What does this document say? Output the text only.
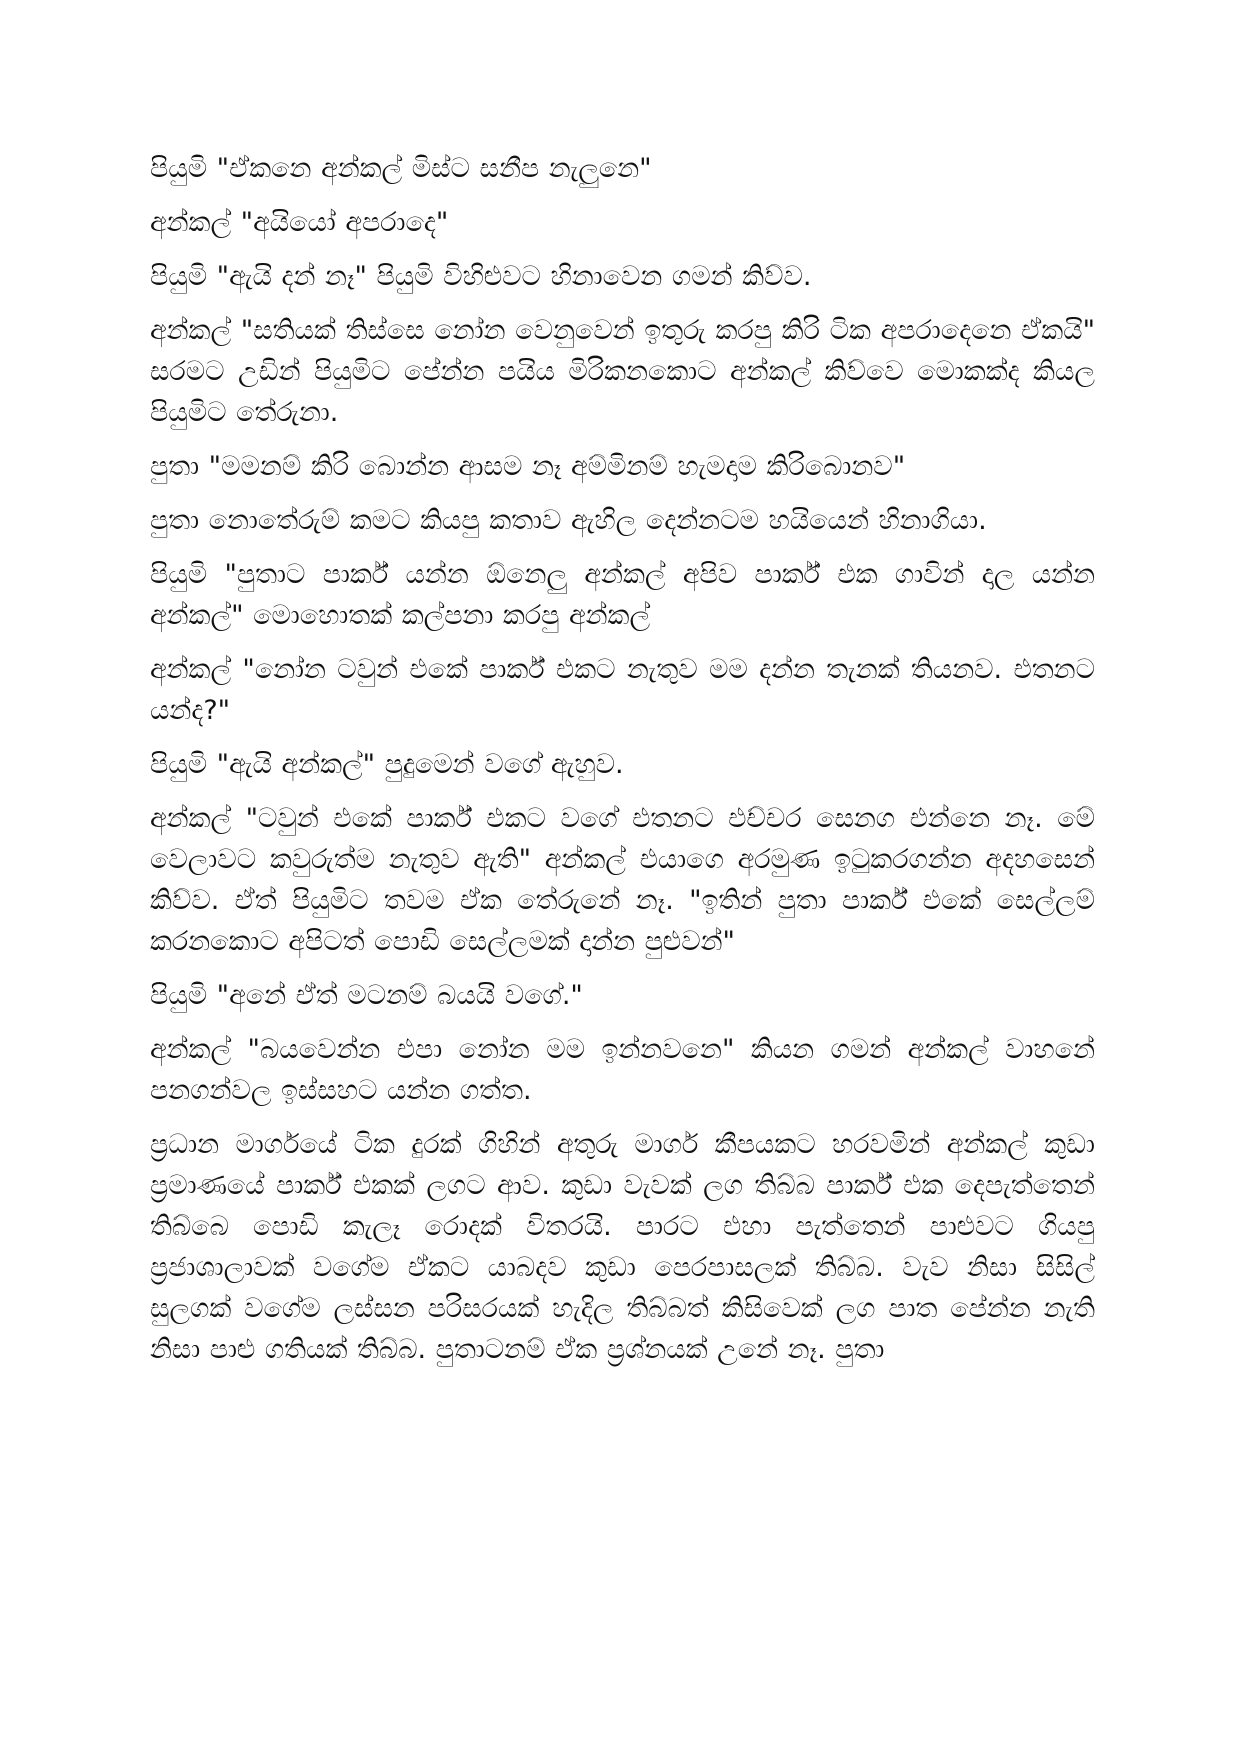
පියුමි "ඒකනෙ අන්කල් මිස්ට සනීප නැලුනෙ"

අන්කල් "අයියෝ අපරාදෙ"

පියුමි "ඇයි දන් නෑ" පියුමි විහිළුවට හිනාවෙන ගමන් කිව්ව.

අන්කල් "සතියක් තිස්සෙ නෝන වෙනුවෙන් ඉතුරු කරපු කිරි ටික අපරාදෙනෙ ඒකයි" සරමට උඩින් පියුමිට පේන්න පයිය මිරිකනකොට අන්කල් කිව්වෙ මොකක්ද කියල පියුමිට තේරුනා.

පුතා "මමනම් කිරි බොන්න ආසම නෑ අම්මිනම් හැමදාම කිරිබොනව"

පුතා නොතේරුම් කමට කියපු කතාව ඇහිල දෙන්නටම හයියෙන් හිනාගියා.

පියුමි "පුතාට පාර්ක් යන්න ඕනෙලු අන්කල් අපිව පාර්ක් එක ගාවින් දාල යන්න අන්කල්" මොහොතක් කල්පනා කරපු අන්කල්

අන්කල් "නෝන ටවුන් එකේ පාර්ක් එකට නැතුව මම දන්න තැනක් තියනව. එතනට යන්ද?"

පියුමි "ඇයි අන්කල්" පුදුමෙන් වගේ ඇහුව.

අන්කල් "ටවුන් එකේ පාර්ක් එකට වගේ එතනට එච්චර සෙනග එන්නෙ නෑ. මේ වෙලාවට කවුරුත්ම නැතුව ඇති" අන්කල් එයාගෙ අරමුණ ඉටුකරගන්න අදහසෙන් කිව්ව. ඒත් පියුමිට තවම ඒක තේරුනේ නෑ. "ඉතින් පුතා පාර්ක් එකේ සෙල්ලම් කරනකොට අපිටත් පොඩි සෙල්ලමක් දාන්න පුළුවන්"

පියුමි "අනේ ඒත් මටනම් බයයි වගේ."

අන්කල් "බයවෙන්න එපා නෝන මම ඉන්නවනෙ" කියන ගමන් අන්කල් වාහනේ පනගන්වල ඉස්සහට යන්න ගත්ත.

ප්‍රධාන මාර්ගයේ ටික දුරක් ගිහින් අතුරු මාර්ග කීපයකට හරවමින් අන්කල් කුඩා ප්‍රමාණයේ පාර්ක් එකක් ලගට ආව. කුඩා වැවක් ලග තිබ්බ පාර්ක් එක දෙපැත්තෙන් තිබ්බෙ පොඩි කැලෑ රොදක් විතරයි. පාරට එහා පැත්තෙන් පාළුවට ගියපු ප්‍රජාශාලාවක් වගේම ඒකට යාබදව කුඩා පෙරපාසලක් තිබ්බ. වැව නිසා සිසිල් සුලගක් වගේම ලස්සන පරිසරයක් හැදිල තිබ්බත් කිසිවෙක් ලග පාත පේන්න නැති නිසා පාළු ගතියක් තිබ්බ. පුතාටනම් ඒක ප්‍රශ්නයක් උනේ නෑ. පුතා
